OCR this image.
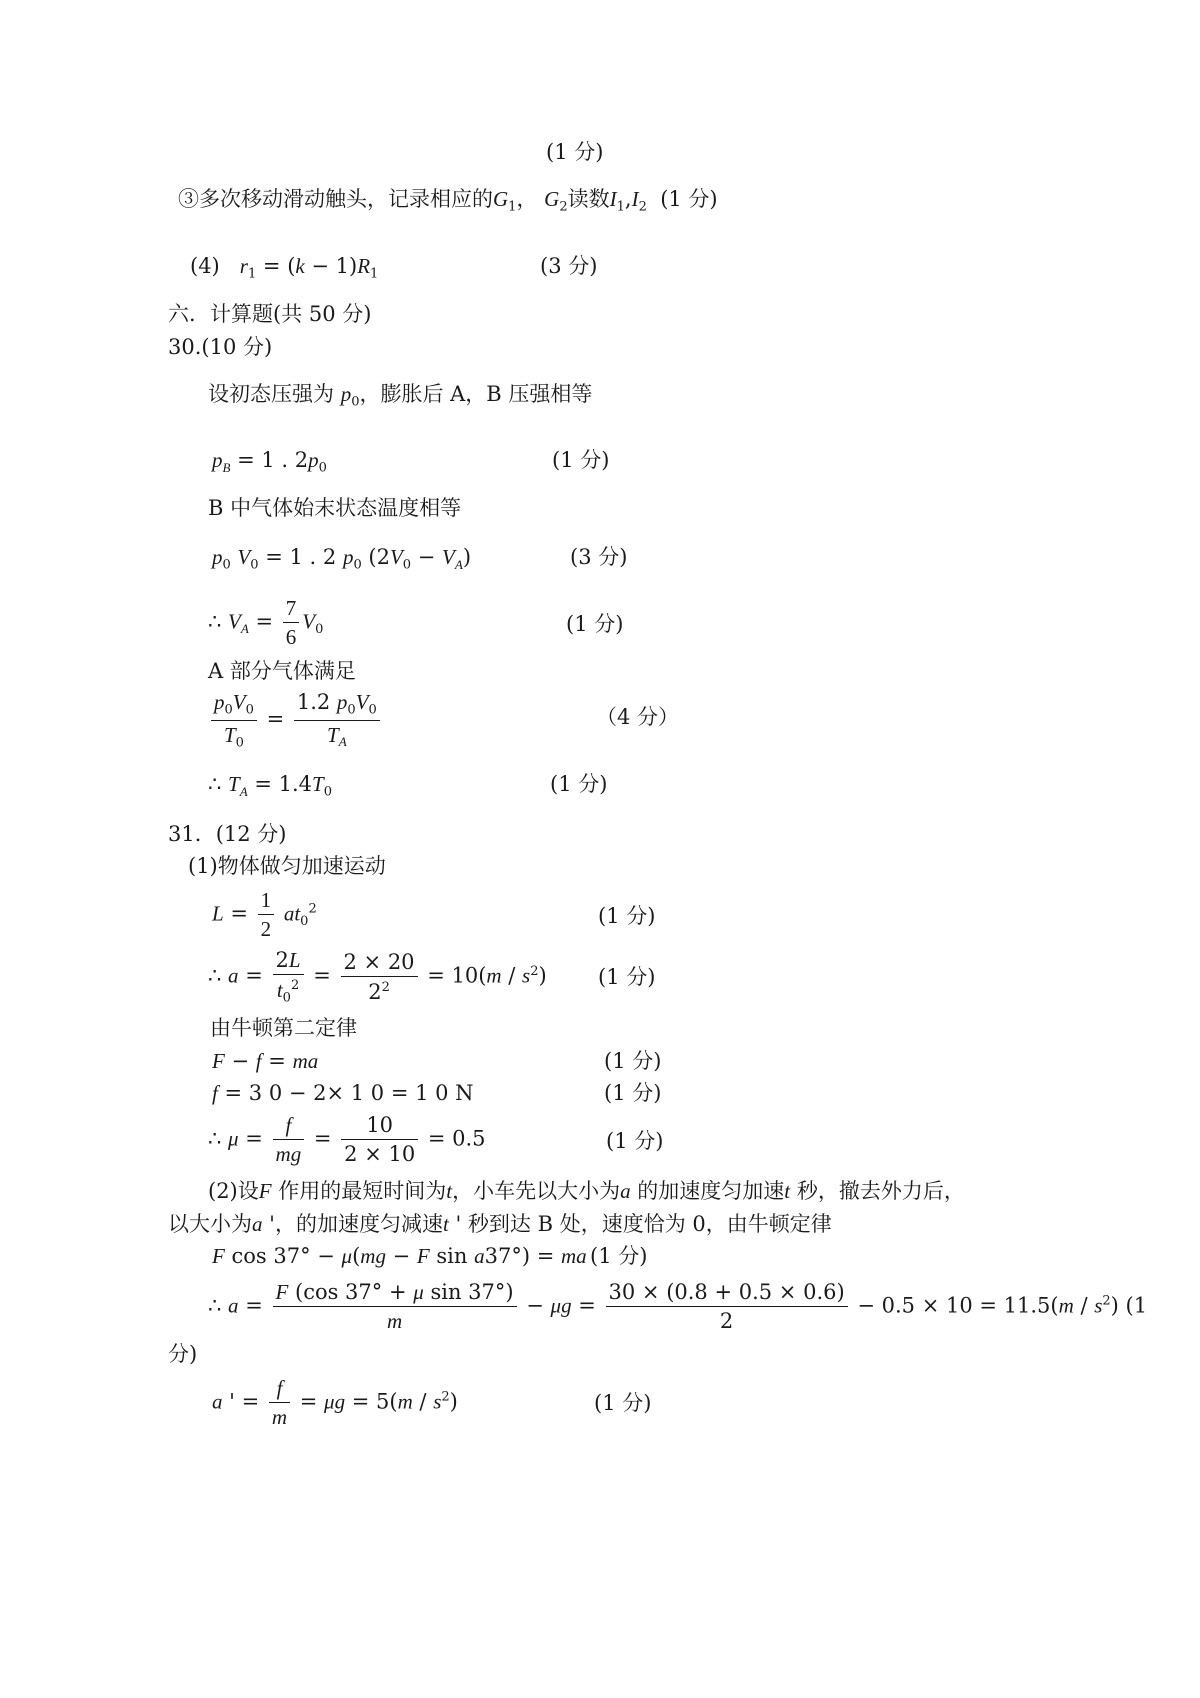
(1 分)
③多次移动滑动触头，记录相应的$G_1$， $G_2$读数$I_1,I_2$ (1 分)
(4) $r_1 = (k - 1)R_1$	(3 分)
六．计算题(共 50 分)
30.(10 分)
设初态压强为 $p_0$，膨胀后 A，B 压强相等
$p_B = 1$ . $2p_0$	(1 分)
B 中气体始末状态温度相等
$p_0$ $V_0 = 1$ . 2 $p_0$ $(2V_0 - V_A)$	(3 分)
∴ $V_A = \frac{7}{6} V_0$	(1 分)
A 部分气体满足
$\frac{p_0V_0}{T_0} = \frac{1.2 p_0V_0}{T_A}$	（4 分）
∴ $T_A = 1.4T_0$	(1 分)
31．(12 分)
(1)物体做匀加速运动
$L = \frac{1}{2} at_0^2$	(1 分)
∴ $a = \frac{2L}{t_0^2} = \frac{2 \times 20}{2^2} = 10(m / s^2)$ (1 分)
由牛顿第二定律
F − f = ma	(1 分)
f = 3 0 − 2× 1 0 = 1 0 N	(1 分)
∴ $\mu = \frac{f}{mg} = \frac{10}{2 \times 10} = 0.5$	(1 分)
(2)设F 作用的最短时间为t，小车先以大小为a 的加速度匀加速t 秒，撤去外力后，
以大小为a '，的加速度匀减速t ' 秒到达 B 处，速度恰为 0，由牛顿定律
F cos 37° − μ(mg − F sin a37°) = ma (1 分)
∴ $a = \frac{\text{F (cos 37° + μ sin 37°)}}{m} - \mu g = \frac{30 \times (0.8 + 0.5 \times 0.6)}{2} - 0.5 \times 10 = 11.5(m / s^2)$ (1
分)
a ' = $\frac{f}{m} = \mu g = 5(m / s^2)$	(1 分)
